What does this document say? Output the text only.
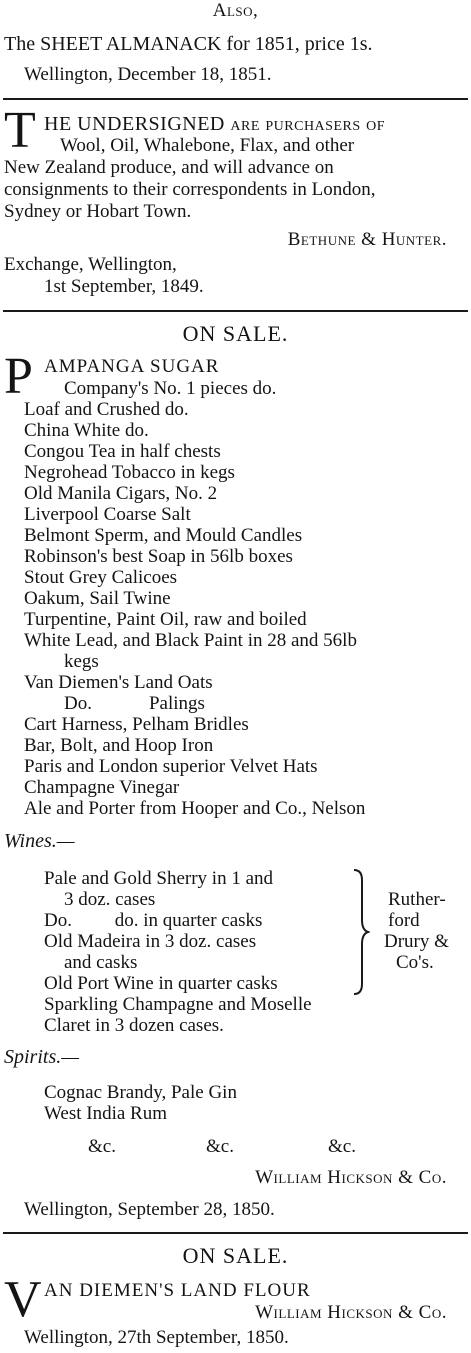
Also,
The SHEET ALMANACK for 1851, price 1s.
Wellington, December 18, 1851.
T HE UNDERSIGNED are purchasers of
Wool, Oil, Whalebone, Flax, and other
New Zealand produce, and will advance on
consignments to their correspondents in London,
Sydney or Hobart Town.
Bethune & Hunter.
Exchange, Wellington,
1st September, 1849.
ON SALE.
P AMPANGA SUGAR
Company's No. 1 pieces do.
Loaf and Crushed do.
China White do.
Congou Tea in half chests
Negrohead Tobacco in kegs
Old Manila Cigars, No. 2
Liverpool Coarse Salt
Belmont Sperm, and Mould Candles
Robinson's best Soap in 56lb boxes
Stout Grey Calicoes
Oakum, Sail Twine
Turpentine, Paint Oil, raw and boiled
White Lead, and Black Paint in 28 and 56lb
kegs
Van Diemen's Land Oats
Do.            Palings
Cart Harness, Pelham Bridles
Bar, Bolt, and Hoop Iron
Paris and London superior Velvet Hats
Champagne Vinegar
Ale and Porter from Hooper and Co., Nelson
Wines.—
Pale and Gold Sherry in 1 and
3 doz. cases
Do.         do. in quarter casks
Old Madeira in 3 doz. cases
and casks
Old Port Wine in quarter casks
Sparkling Champagne and Moselle
Claret in 3 dozen cases.
Ruther-
ford
Drury &
Co's.
Spirits.—
Cognac Brandy, Pale Gin
West India Rum
&c.	&c.	&c.
William Hickson & Co.
Wellington, September 28, 1850.
ON SALE.
V AN DIEMEN'S LAND FLOUR
William Hickson & Co.
Wellington, 27th September, 1850.
